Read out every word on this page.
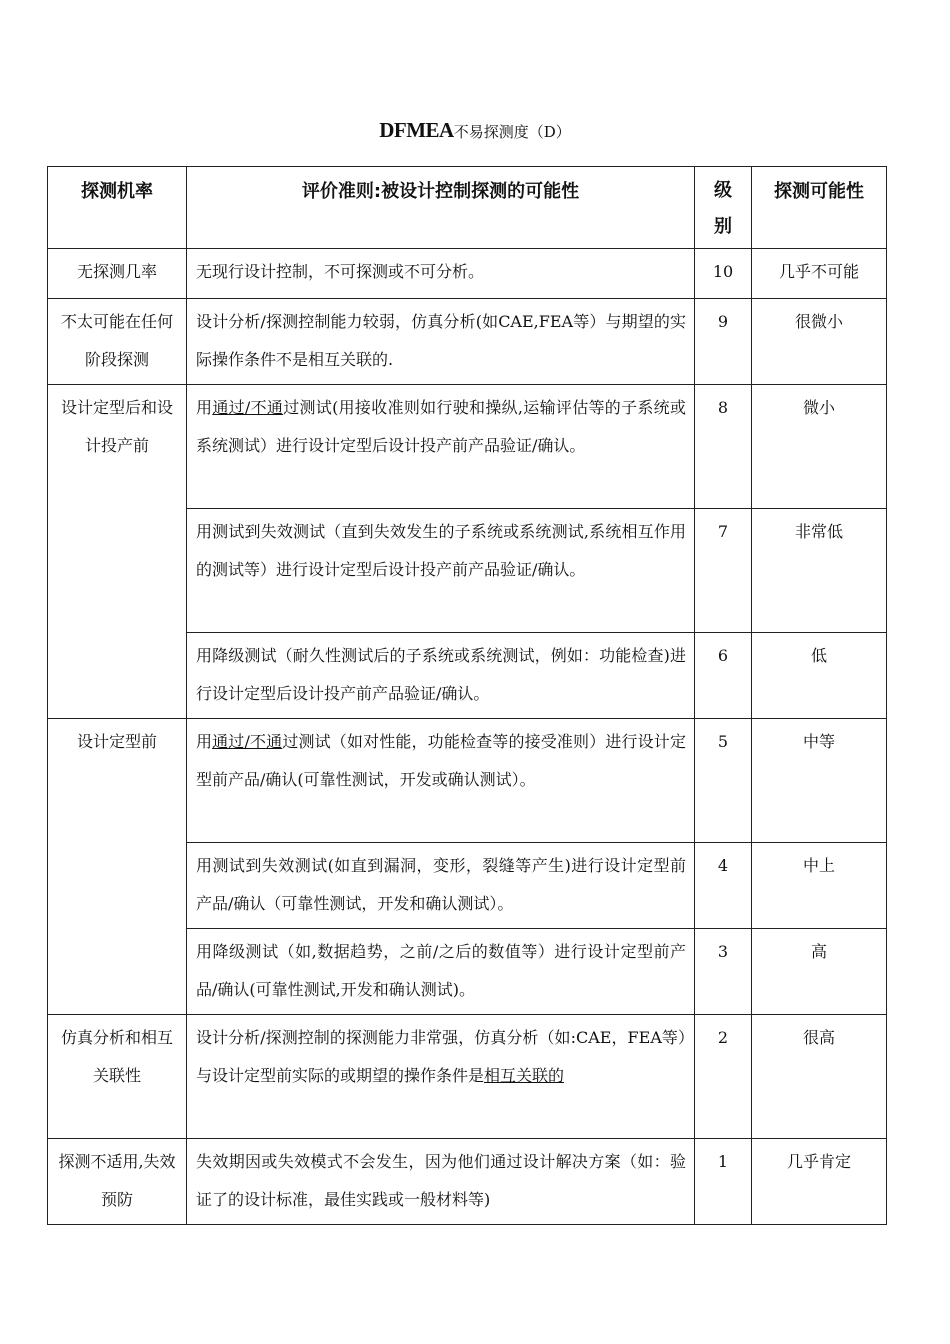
DFMEA不易探测度（D）
探测机率	评价准则:被设计控制探测的可能性	级别	探测可能性
无探测几率	无现行设计控制，不可探测或不可分析。	10	几乎不可能
不太可能在任何阶段探测	设计分析/探测控制能力较弱，仿真分析(如CAE,FEA等）与期望的实际操作条件不是相互关联的.	9	很微小
设计定型后和设计投产前	用通过/不通过测试(用接收准则如行驶和操纵,运输评估等的子系统或系统测试）进行设计定型后设计投产前产品验证/确认。	8	微小
	用测试到失效测试（直到失效发生的子系统或系统测试,系统相互作用的测试等）进行设计定型后设计投产前产品验证/确认。	7	非常低
	用降级测试（耐久性测试后的子系统或系统测试，例如：功能检查)进行设计定型后设计投产前产品验证/确认。	6	低
设计定型前	用通过/不通过测试（如对性能，功能检查等的接受准则）进行设计定型前产品/确认(可靠性测试，开发或确认测试）。	5	中等
	用测试到失效测试(如直到漏洞，变形，裂缝等产生)进行设计定型前产品/确认（可靠性测试，开发和确认测试）。	4	中上
	用降级测试（如,数据趋势，之前/之后的数值等）进行设计定型前产品/确认(可靠性测试,开发和确认测试)。	3	高
仿真分析和相互关联性	设计分析/探测控制的探测能力非常强，仿真分析（如:CAE，FEA等）与设计定型前实际的或期望的操作条件是相互关联的	2	很高
探测不适用,失效预防	失效期因或失效模式不会发生，因为他们通过设计解决方案（如：验证了的设计标准，最佳实践或一般材料等)	1	几乎肯定
